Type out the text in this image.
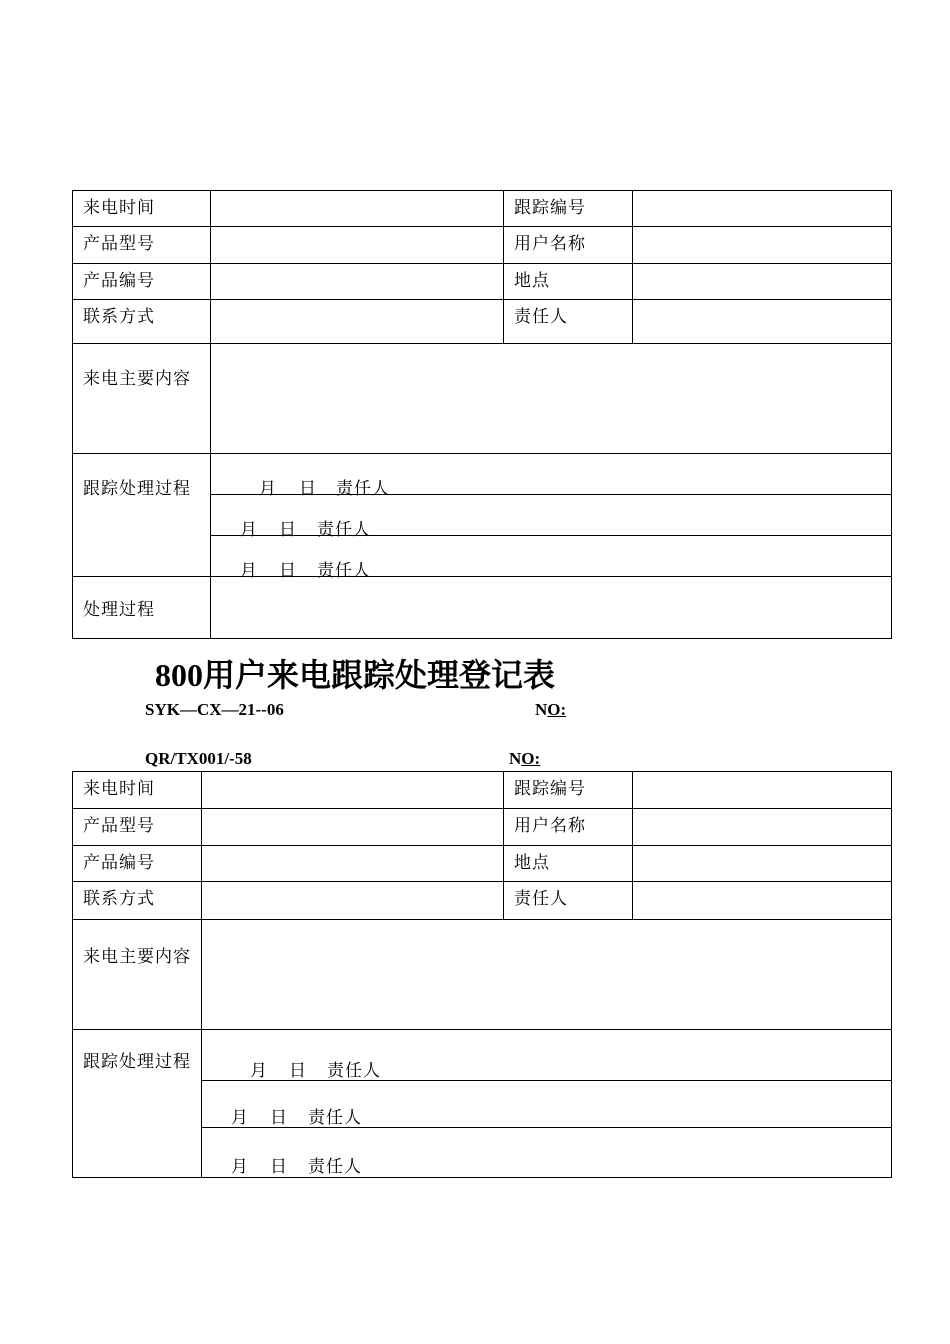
来电时间		跟踪编号	
产品型号		用户名称	
产品编号		地点	
联系方式		责任人	
来电主要内容			
跟踪处理过程	月 日 责任人		

	月 日 责任人		

	月 日 责任人		

处理过程			
800用户来电跟踪处理登记表
SYK—CX—21--06	NO:
QR/TX001/-58	NO:
来电时间		跟踪编号	
产品型号		用户名称	
产品编号		地点	
联系方式		责任人	
来电主要内容			
跟踪处理过程	月 日 责任人		

	月 日 责任人		

	月 日 责任人		
